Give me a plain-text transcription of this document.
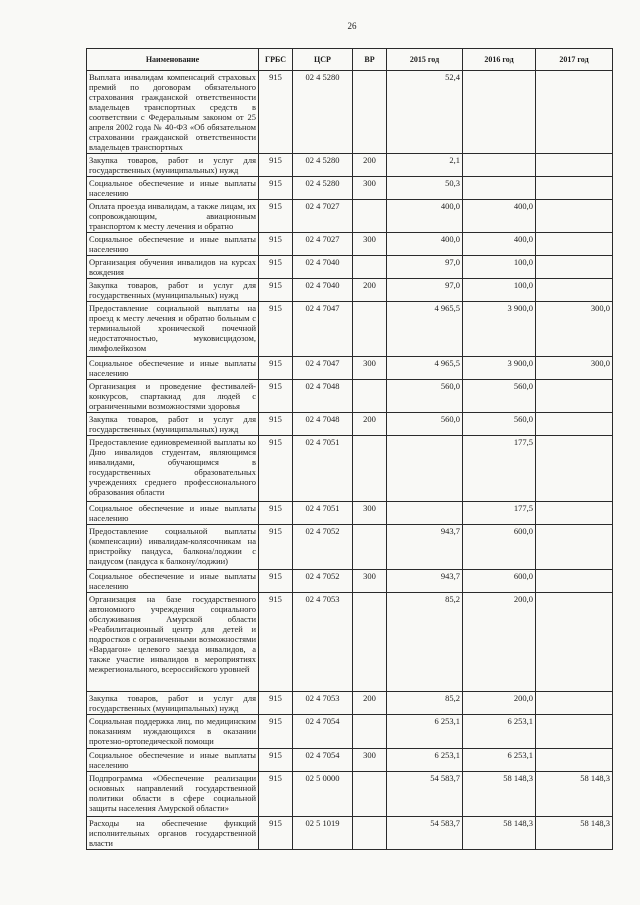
26
Наименование	ГРБС	ЦСР	ВР	2015 год	2016 год	2017 год
Выплата инвалидам компенсаций страховых премий по договорам обязательного страхования гражданской ответственности владельцев транспортных средств в соответствии с Федеральным законом от 25 апреля 2002 года № 40-ФЗ «Об обязательном страховании гражданской ответственности владельцев транспортных	915	02 4 5280		52,4		
Закупка товаров, работ и услуг для государственных (муниципальных) нужд	915	02 4 5280	200	2,1		
Социальное обеспечение и иные выплаты населению	915	02 4 5280	300	50,3		
Оплата проезда инвалидам, а также лицам, их сопровождающим, авиационным транспортом к месту лечения и обратно	915	02 4 7027		400,0	400,0	
Социальное обеспечение и иные выплаты населению	915	02 4 7027	300	400,0	400,0	
Организация обучения инвалидов на курсах вождения	915	02 4 7040		97,0	100,0	
Закупка товаров, работ и услуг для государственных (муниципальных) нужд	915	02 4 7040	200	97,0	100,0	
Предоставление социальной выплаты на проезд к месту лечения и обратно больным с терминальной хронической почечной недостаточностью, муковисцидозом, лимфолейкозом	915	02 4 7047		4 965,5	3 900,0	300,0
Социальное обеспечение и иные выплаты населению	915	02 4 7047	300	4 965,5	3 900,0	300,0
Организация и проведение фестивалей-конкурсов, спартакиад для людей с ограниченными возможностями здоровья	915	02 4 7048		560,0	560,0	
Закупка товаров, работ и услуг для государственных (муниципальных) нужд	915	02 4 7048	200	560,0	560,0	
Предоставление единовременной выплаты ко Дню инвалидов студентам, являющимся инвалидами, обучающимся в государственных образовательных учреждениях среднего профессионального образования области	915	02 4 7051			177,5	
Социальное обеспечение и иные выплаты населению	915	02 4 7051	300		177,5	
Предоставление социальной выплаты (компенсации) инвалидам-колясочникам на пристройку пандуса, балкона/лоджии с пандусом (пандуса к балкону/лоджии)	915	02 4 7052		943,7	600,0	
Социальное обеспечение и иные выплаты населению	915	02 4 7052	300	943,7	600,0	
Организация на базе государственного автономного учреждения социального обслуживания Амурской области «Реабилитационный центр для детей и подростков с ограниченными возможностями «Вардагон» целевого заезда инвалидов, а также участие инвалидов в мероприятиях межрегионального, всероссийского уровней	915	02 4 7053		85,2	200,0	
Закупка товаров, работ и услуг для государственных (муниципальных) нужд	915	02 4 7053	200	85,2	200,0	
Социальная поддержка лиц, по медицинским показаниям нуждающихся в оказании протезно-ортопедической помощи	915	02 4 7054		6 253,1	6 253,1	
Социальное обеспечение и иные выплаты населению	915	02 4 7054	300	6 253,1	6 253,1	
Подпрограмма «Обеспечение реализации основных направлений государственной политики области в сфере социальной защиты населения Амурской области»	915	02 5 0000		54 583,7	58 148,3	58 148,3
Расходы на обеспечение функций исполнительных органов государственной власти	915	02 5 1019		54 583,7	58 148,3	58 148,3
